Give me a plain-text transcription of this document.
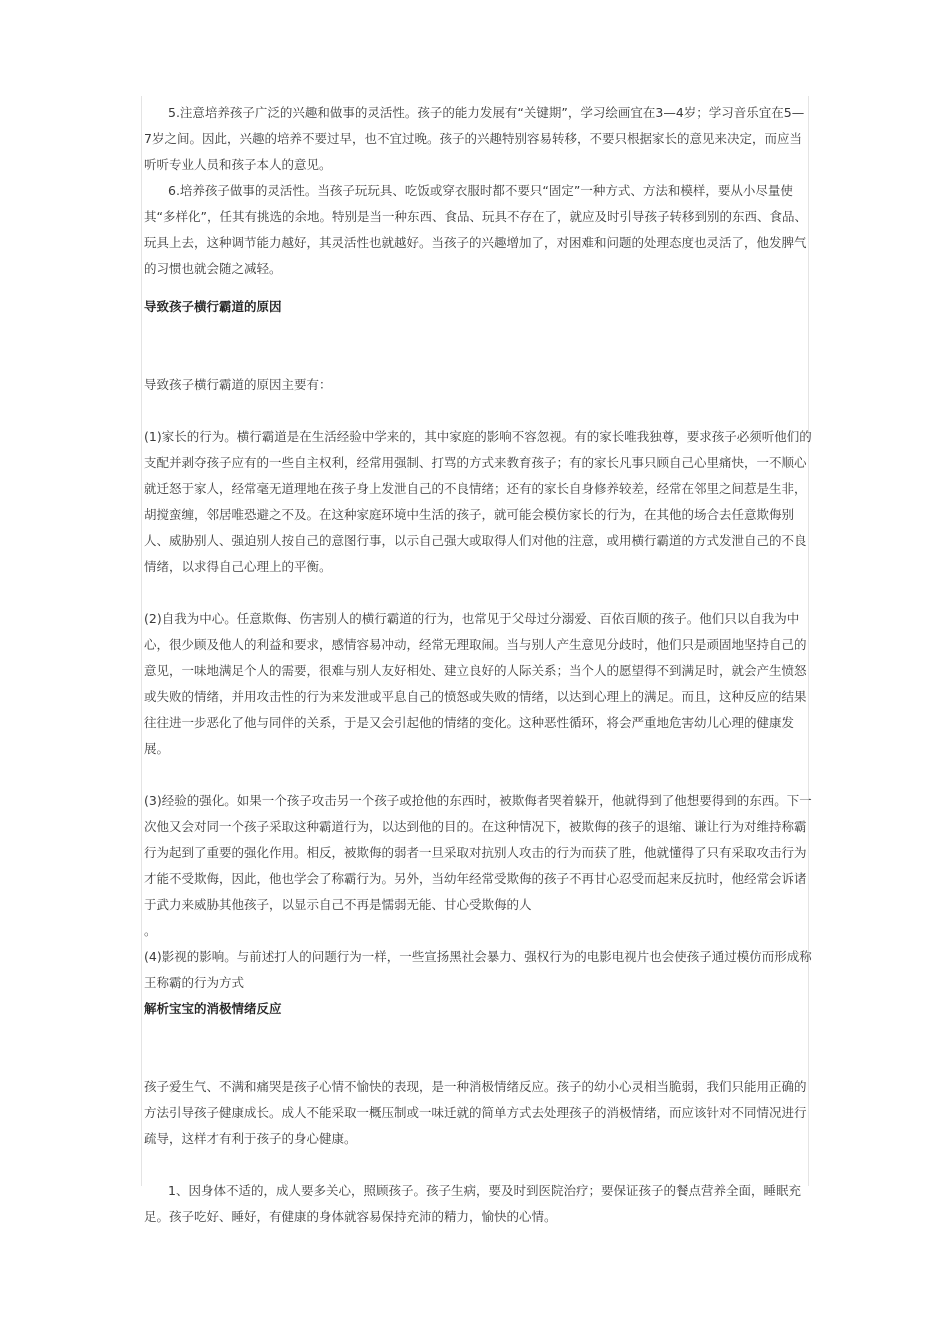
5.注意培养孩子广泛的兴趣和做事的灵活性。孩子的能力发展有“关键期”，学习绘画宜在3—4岁；学习音乐宜在5—7岁之间。因此，兴趣的培养不要过早，也不宜过晚。孩子的兴趣特别容易转移，不要只根据家长的意见来决定，而应当听听专业人员和孩子本人的意见。

6.培养孩子做事的灵活性。当孩子玩玩具、吃饭或穿衣服时都不要只“固定”一种方式、方法和模样，要从小尽量使其“多样化”，任其有挑选的余地。特别是当一种东西、食品、玩具不存在了，就应及时引导孩子转移到别的东西、食品、玩具上去，这种调节能力越好，其灵活性也就越好。当孩子的兴趣增加了，对困难和问题的处理态度也灵活了，他发脾气的习惯也就会随之减轻。

导致孩子横行霸道的原因

导致孩子横行霸道的原因主要有：

(1)家长的行为。横行霸道是在生活经验中学来的，其中家庭的影响不容忽视。有的家长唯我独尊，要求孩子必须听他们的支配并剥夺孩子应有的一些自主权利，经常用强制、打骂的方式来教育孩子；有的家长凡事只顾自己心里痛快，一不顺心就迁怒于家人，经常毫无道理地在孩子身上发泄自己的不良情绪；还有的家长自身修养较差，经常在邻里之间惹是生非，胡搅蛮缠，邻居唯恐避之不及。在这种家庭环境中生活的孩子，就可能会模仿家长的行为，在其他的场合去任意欺侮别人、威胁别人、强迫别人按自己的意图行事，以示自己强大或取得人们对他的注意，或用横行霸道的方式发泄自己的不良情绪，以求得自己心理上的平衡。

(2)自我为中心。任意欺侮、伤害别人的横行霸道的行为，也常见于父母过分溺爱、百依百顺的孩子。他们只以自我为中心，很少顾及他人的利益和要求，感情容易冲动，经常无理取闹。当与别人产生意见分歧时，他们只是顽固地坚持自己的意见，一味地满足个人的需要，很难与别人友好相处、建立良好的人际关系；当个人的愿望得不到满足时，就会产生愤怒或失败的情绪，并用攻击性的行为来发泄或平息自己的愤怒或失败的情绪，以达到心理上的满足。而且，这种反应的结果往往进一步恶化了他与同伴的关系，于是又会引起他的情绪的变化。这种恶性循环，将会严重地危害幼儿心理的健康发展。

(3)经验的强化。如果一个孩子攻击另一个孩子或抢他的东西时，被欺侮者哭着躲开，他就得到了他想要得到的东西。下一次他又会对同一个孩子采取这种霸道行为，以达到他的目的。在这种情况下，被欺侮的孩子的退缩、谦让行为对维持称霸行为起到了重要的强化作用。相反，被欺侮的弱者一旦采取对抗别人攻击的行为而获了胜，他就懂得了只有采取攻击行为才能不受欺侮，因此，他也学会了称霸行为。另外，当幼年经常受欺侮的孩子不再甘心忍受而起来反抗时，他经常会诉诸于武力来威胁其他孩子，以显示自己不再是懦弱无能、甘心受欺侮的人

。

(4)影视的影响。与前述打人的问题行为一样，一些宣扬黑社会暴力、强权行为的电影电视片也会使孩子通过模仿而形成称王称霸的行为方式

解析宝宝的消极情绪反应

孩子爱生气、不满和痛哭是孩子心情不愉快的表现，是一种消极情绪反应。孩子的幼小心灵相当脆弱，我们只能用正确的方法引导孩子健康成长。成人不能采取一概压制或一味迁就的简单方式去处理孩子的消极情绪，而应该针对不同情况进行疏导，这样才有利于孩子的身心健康。

1、因身体不适的，成人要多关心，照顾孩子。孩子生病，要及时到医院治疗；要保证孩子的餐点营养全面，睡眠充足。孩子吃好、睡好，有健康的身体就容易保持充沛的精力，愉快的心情。
